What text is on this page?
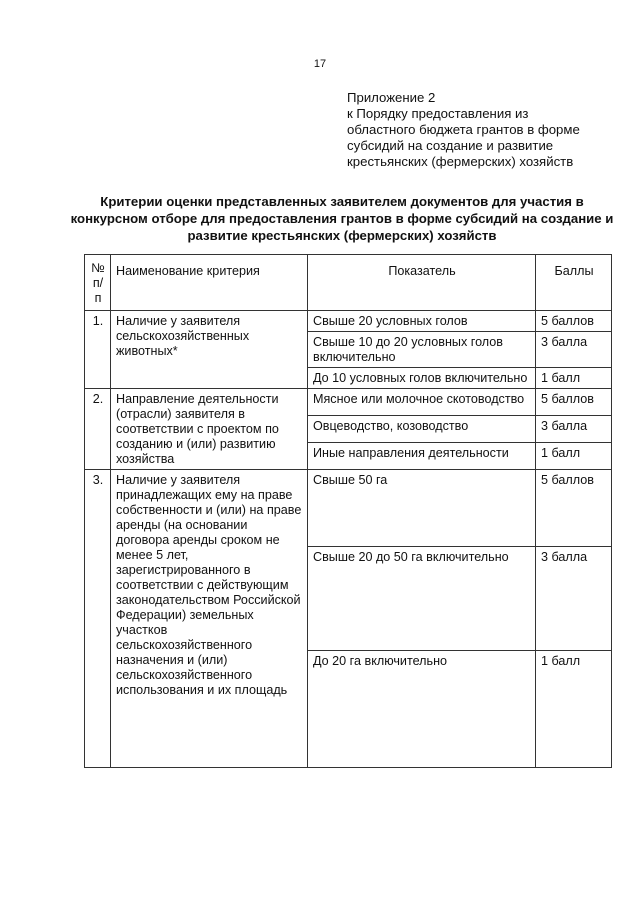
17
Приложение 2
к Порядку предоставления из
областного бюджета грантов в форме
субсидий на создание и развитие
крестьянских (фермерских) хозяйств
Критерии оценки представленных заявителем документов для участия в конкурсном отборе для предоставления грантов в форме субсидий на создание и развитие крестьянских (фермерских) хозяйств
№ п/п	Наименование критерия	Показатель	Баллы
1.	Наличие у заявителя сельскохозяйственных животных*	Свыше 20 условных голов	5 баллов
		Свыше 10 до 20 условных голов включительно	3 балла
		До 10 условных голов включительно	1 балл
2.	Направление деятельности (отрасли) заявителя в соответствии с проектом по созданию и (или) развитию хозяйства	Мясное или молочное скотоводство	5 баллов
		Овцеводство, козоводство	3 балла
		Иные направления деятельности	1 балл
3.	Наличие у заявителя принадлежащих ему на праве собственности и (или) на праве аренды (на основании договора аренды сроком не менее 5 лет, зарегистрированного в соответствии с действующим законодательством Российской Федерации) земельных участков сельскохозяйственного назначения и (или) сельскохозяйственного использования и их площадь	Свыше 50 га	5 баллов
		Свыше 20 до 50 га включительно	3 балла
		До 20 га включительно	1 балл
